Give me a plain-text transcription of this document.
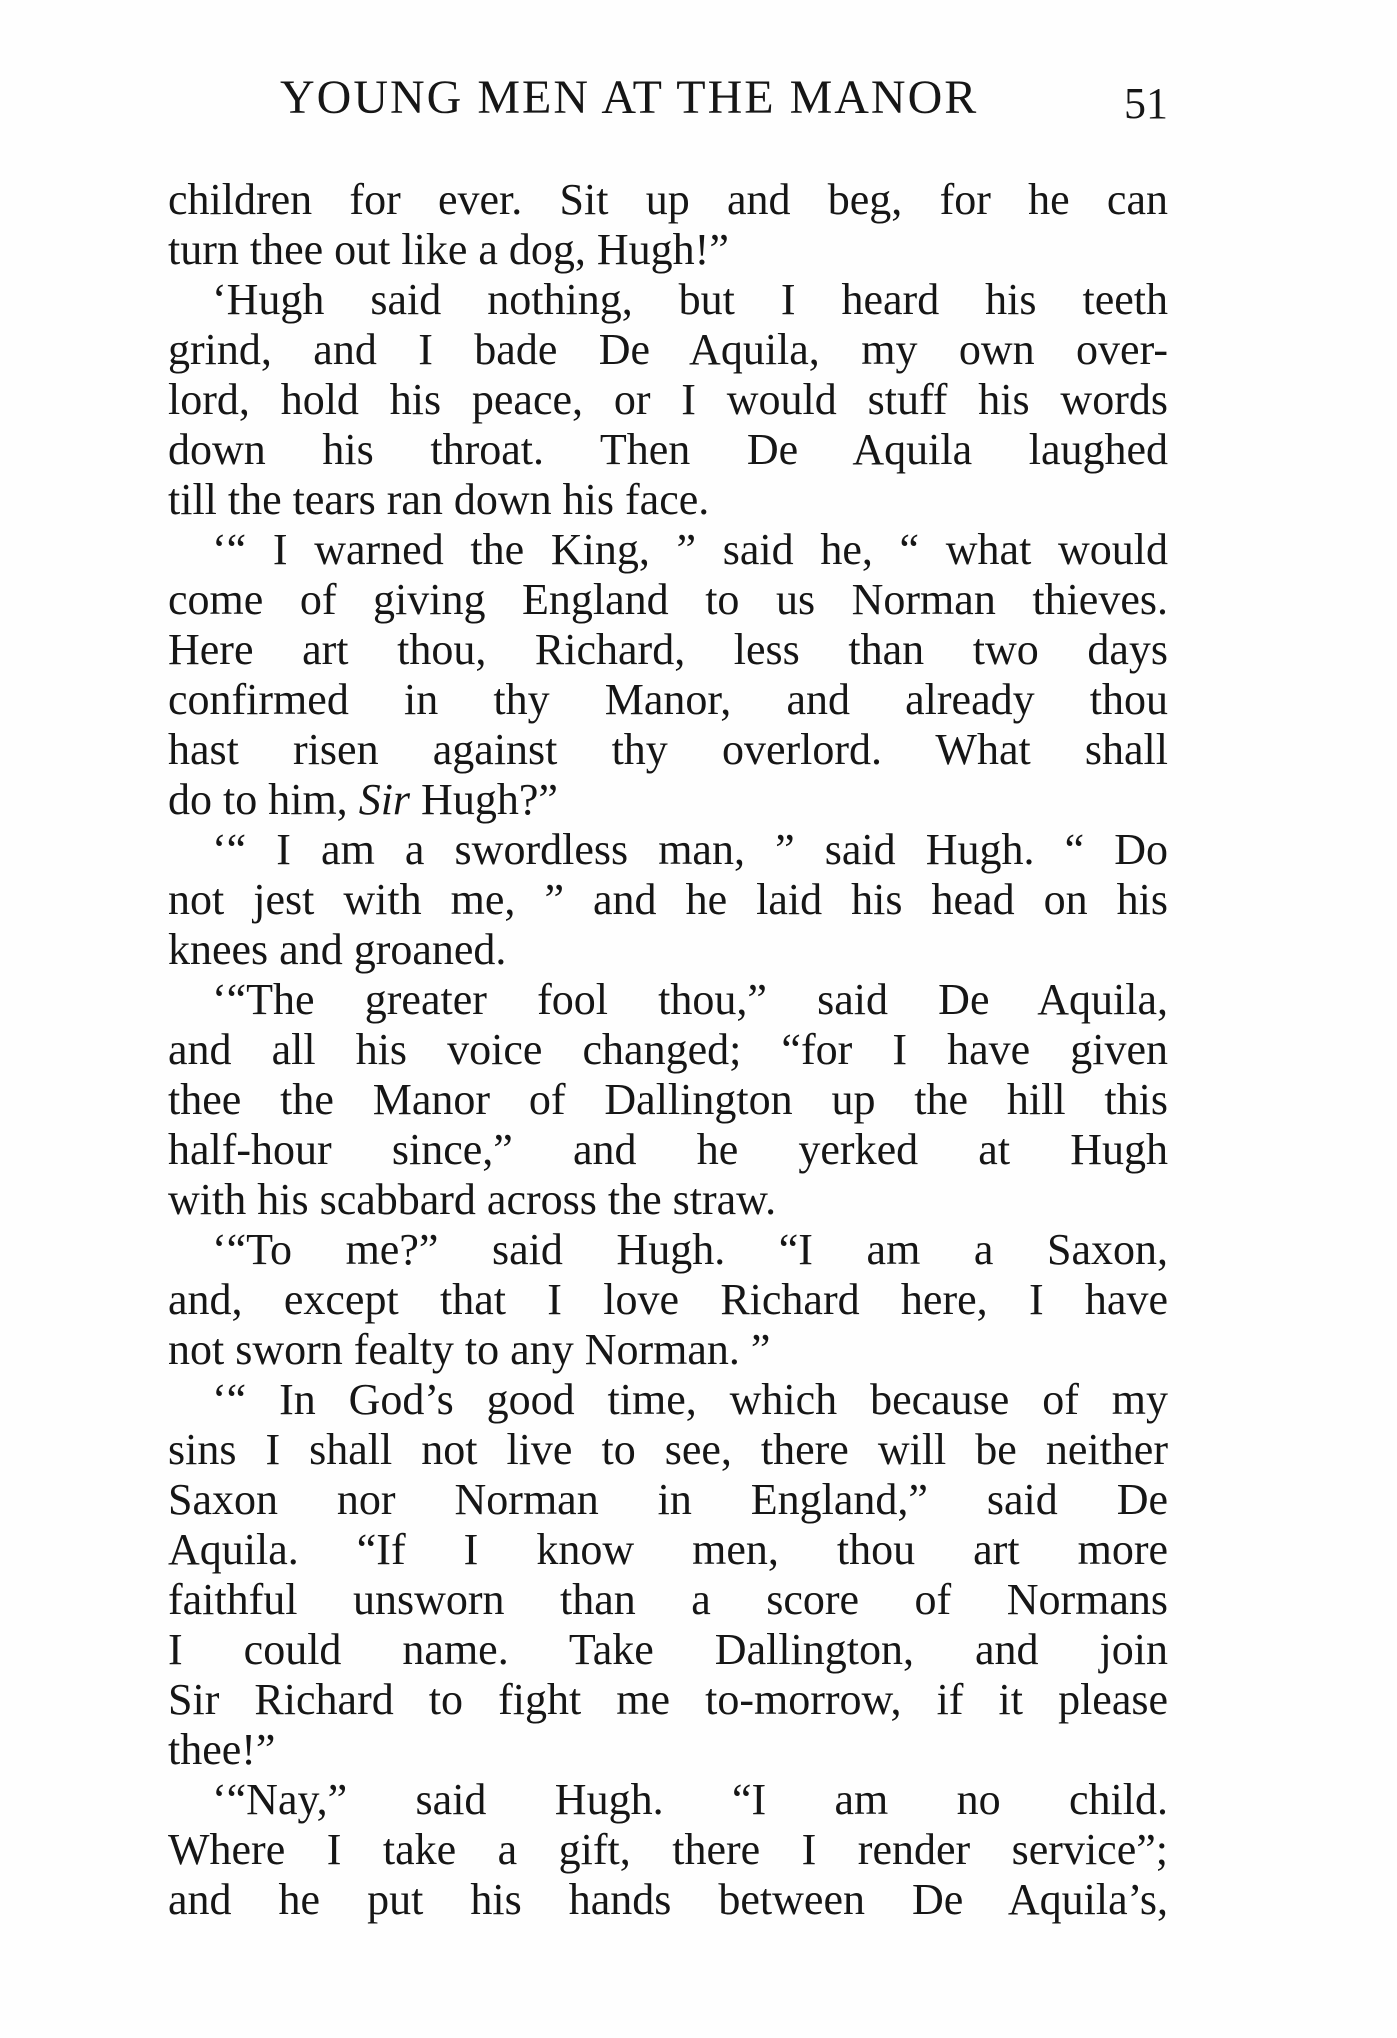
YOUNG MEN AT THE MANOR	51
children for ever. Sit up and beg, for he can
turn thee out like a dog, Hugh!”
‘Hugh said nothing, but I heard his teeth
grind, and I bade De Aquila, my own over-
lord, hold his peace, or I would stuff his words
down his throat. Then De Aquila laughed
till the tears ran down his face.
‘“ I warned the King, ” said he, “ what would
come of giving England to us Norman thieves.
Here art thou, Richard, less than two days
confirmed in thy Manor, and already thou
hast risen against thy overlord. What shall
do to him, Sir Hugh?”
‘“ I am a swordless man, ” said Hugh. “ Do
not jest with me, ” and he laid his head on his
knees and groaned.
‘“The greater fool thou,” said De Aquila,
and all his voice changed; “for I have given
thee the Manor of Dallington up the hill this
half-hour since,” and he yerked at Hugh
with his scabbard across the straw.
‘“To me?” said Hugh. “I am a Saxon,
and, except that I love Richard here, I have
not sworn fealty to any Norman. ”
‘“ In God’s good time, which because of my
sins I shall not live to see, there will be neither
Saxon nor Norman in England,” said De
Aquila. “If I know men, thou art more
faithful unsworn than a score of Normans
I could name. Take Dallington, and join
Sir Richard to fight me to-morrow, if it please
thee!”
‘“Nay,” said Hugh. “I am no child.
Where I take a gift, there I render service”;
and he put his hands between De Aquila’s,
